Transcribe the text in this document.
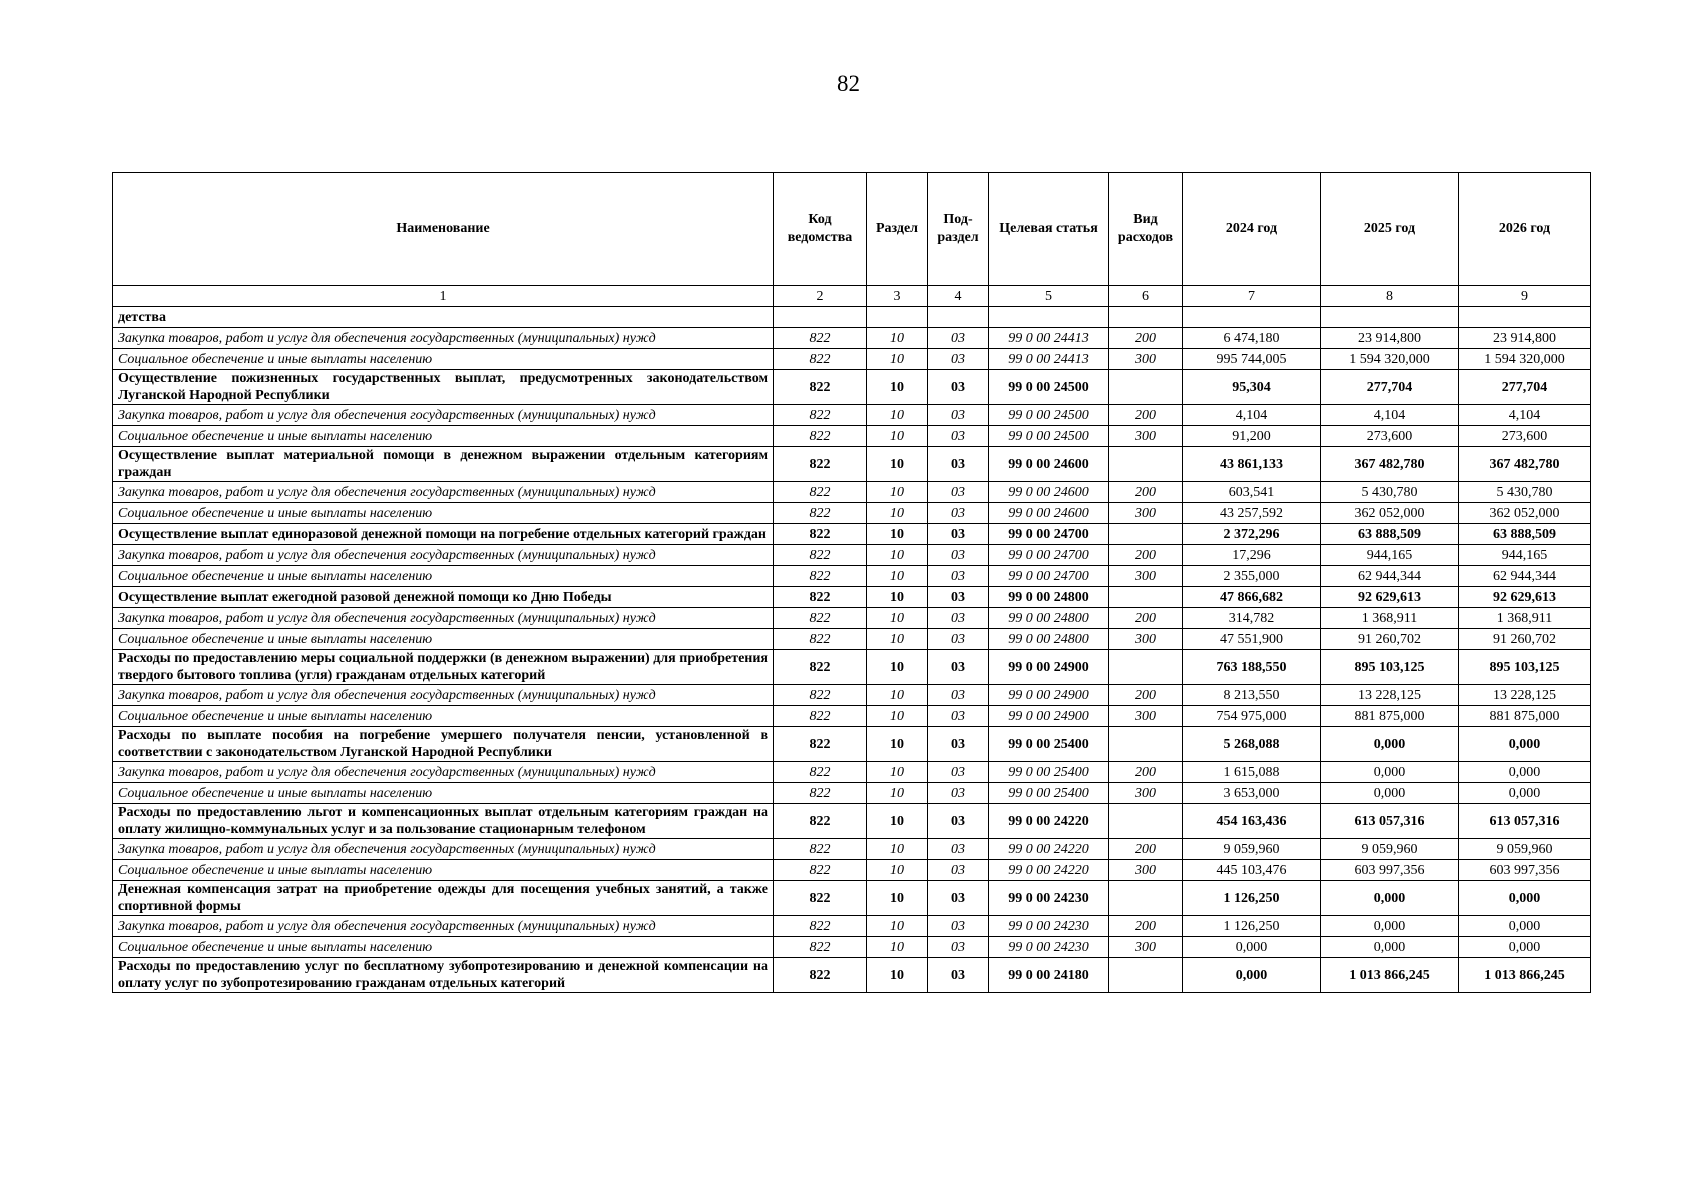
82
Наименование	Код ведомства	Раздел	Под-раздел	Целевая статья	Вид расходов	2024 год	2025 год	2026 год
1	2	3	4	5	6	7	8	9
детства								
Закупка товаров, работ и услуг для обеспечения государственных (муниципальных) нужд	822	10	03	99 0 00 24413	200	6 474,180	23 914,800	23 914,800
Социальное обеспечение и иные выплаты населению	822	10	03	99 0 00 24413	300	995 744,005	1 594 320,000	1 594 320,000
Осуществление пожизненных государственных выплат, предусмотренных законодательством Луганской Народной Республики	822	10	03	99 0 00 24500		95,304	277,704	277,704
Закупка товаров, работ и услуг для обеспечения государственных (муниципальных) нужд	822	10	03	99 0 00 24500	200	4,104	4,104	4,104
Социальное обеспечение и иные выплаты населению	822	10	03	99 0 00 24500	300	91,200	273,600	273,600
Осуществление выплат материальной помощи в денежном выражении отдельным категориям граждан	822	10	03	99 0 00 24600		43 861,133	367 482,780	367 482,780
Закупка товаров, работ и услуг для обеспечения государственных (муниципальных) нужд	822	10	03	99 0 00 24600	200	603,541	5 430,780	5 430,780
Социальное обеспечение и иные выплаты населению	822	10	03	99 0 00 24600	300	43 257,592	362 052,000	362 052,000
Осуществление выплат единоразовой денежной помощи на погребение отдельных категорий граждан	822	10	03	99 0 00 24700		2 372,296	63 888,509	63 888,509
Закупка товаров, работ и услуг для обеспечения государственных (муниципальных) нужд	822	10	03	99 0 00 24700	200	17,296	944,165	944,165
Социальное обеспечение и иные выплаты населению	822	10	03	99 0 00 24700	300	2 355,000	62 944,344	62 944,344
Осуществление выплат ежегодной разовой денежной помощи ко Дню Победы	822	10	03	99 0 00 24800		47 866,682	92 629,613	92 629,613
Закупка товаров, работ и услуг для обеспечения государственных (муниципальных) нужд	822	10	03	99 0 00 24800	200	314,782	1 368,911	1 368,911
Социальное обеспечение и иные выплаты населению	822	10	03	99 0 00 24800	300	47 551,900	91 260,702	91 260,702
Расходы по предоставлению меры социальной поддержки (в денежном выражении) для приобретения твердого бытового топлива (угля) гражданам отдельных категорий	822	10	03	99 0 00 24900		763 188,550	895 103,125	895 103,125
Закупка товаров, работ и услуг для обеспечения государственных (муниципальных) нужд	822	10	03	99 0 00 24900	200	8 213,550	13 228,125	13 228,125
Социальное обеспечение и иные выплаты населению	822	10	03	99 0 00 24900	300	754 975,000	881 875,000	881 875,000
Расходы по выплате пособия на погребение умершего получателя пенсии, установленной в соответствии с законодательством Луганской Народной Республики	822	10	03	99 0 00 25400		5 268,088	0,000	0,000
Закупка товаров, работ и услуг для обеспечения государственных (муниципальных) нужд	822	10	03	99 0 00 25400	200	1 615,088	0,000	0,000
Социальное обеспечение и иные выплаты населению	822	10	03	99 0 00 25400	300	3 653,000	0,000	0,000
Расходы по предоставлению льгот и компенсационных выплат отдельным категориям граждан на оплату жилищно-коммунальных услуг и за пользование стационарным телефоном	822	10	03	99 0 00 24220		454 163,436	613 057,316	613 057,316
Закупка товаров, работ и услуг для обеспечения государственных (муниципальных) нужд	822	10	03	99 0 00 24220	200	9 059,960	9 059,960	9 059,960
Социальное обеспечение и иные выплаты населению	822	10	03	99 0 00 24220	300	445 103,476	603 997,356	603 997,356
Денежная компенсация затрат на приобретение одежды для посещения учебных занятий, а также спортивной формы	822	10	03	99 0 00 24230		1 126,250	0,000	0,000
Закупка товаров, работ и услуг для обеспечения государственных (муниципальных) нужд	822	10	03	99 0 00 24230	200	1 126,250	0,000	0,000
Социальное обеспечение и иные выплаты населению	822	10	03	99 0 00 24230	300	0,000	0,000	0,000
Расходы по предоставлению услуг по бесплатному зубопротезированию и денежной компенсации на оплату услуг по зубопротезированию гражданам отдельных категорий	822	10	03	99 0 00 24180		0,000	1 013 866,245	1 013 866,245
